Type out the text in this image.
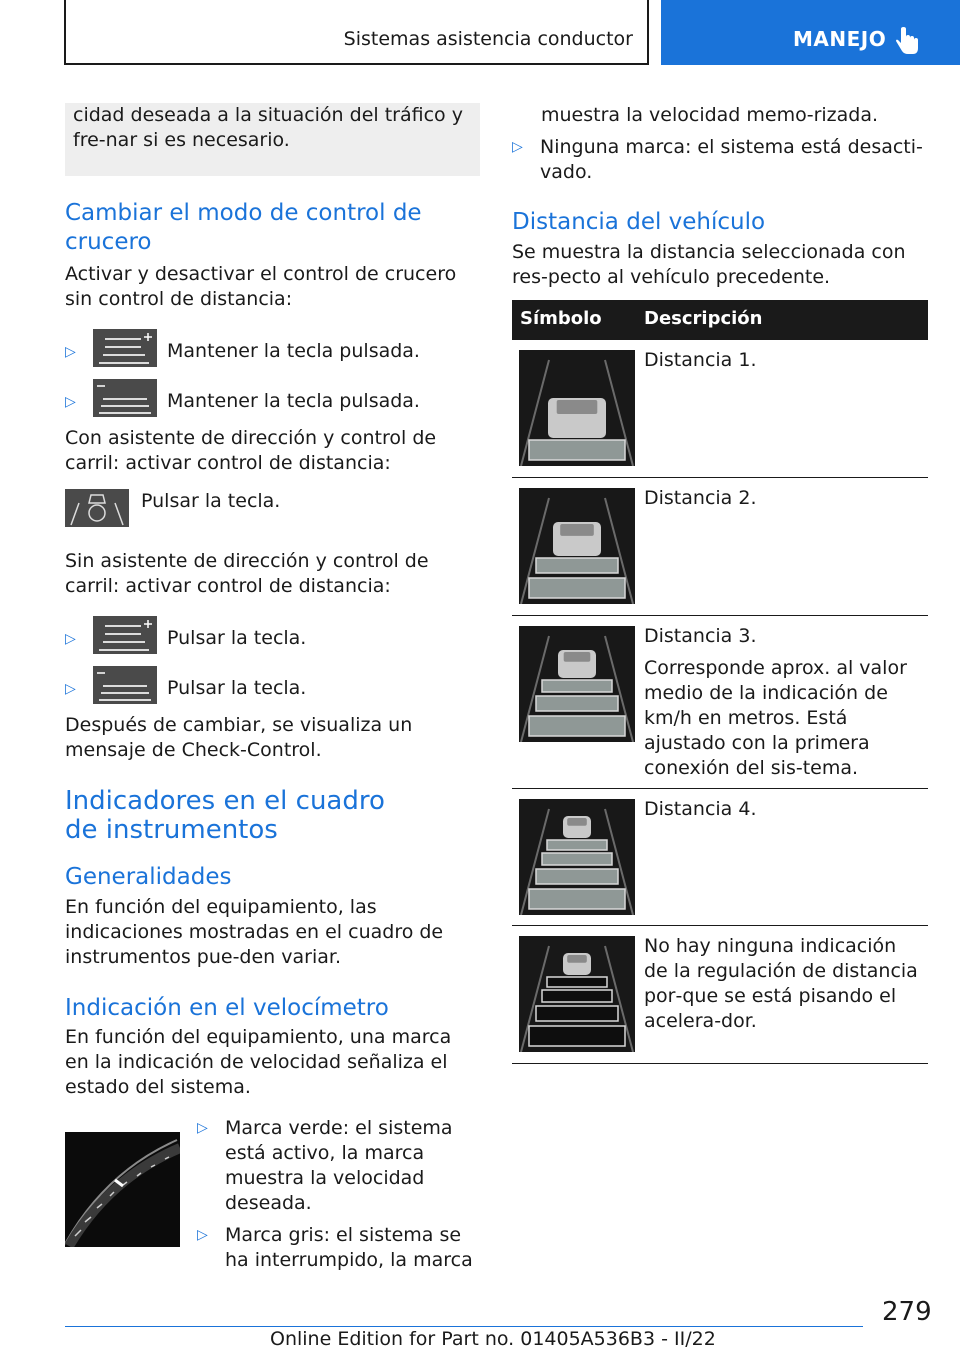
Sistemas asistencia conductor	MANEJO

cidad deseada a la situación del tráfico y fre‐nar si es necesario.

Cambiar el modo de control de crucero

Activar y desactivar el control de crucero sin control de distancia:

▷	Mantener la tecla pulsada.
▷	Mantener la tecla pulsada.

Con asistente de dirección y control de carril: activar control de distancia:

Pulsar la tecla.

Sin asistente de dirección y control de carril: activar control de distancia:

▷	Pulsar la tecla.
▷	Pulsar la tecla.

Después de cambiar, se visualiza un mensaje de Check-Control.

Indicadores en el cuadro
de instrumentos
Generalidades

En función del equipamiento, las indicaciones mostradas en el cuadro de instrumentos pue‐den variar.

Indicación en el velocímetro

En función del equipamiento, una marca en la indicación de velocidad señaliza el estado del sistema.

▷ Marca verde: el sistema está activo, la marca muestra la velocidad deseada.

▷ Marca gris: el sistema se ha interrumpido, la marca

muestra la velocidad memo‐rizada.

▷ Ninguna marca: el sistema está desacti‐vado.

Distancia del vehículo

Se muestra la distancia seleccionada con res‐pecto al vehículo precedente.

Símbolo Descripción

Distancia 1.

Distancia 2.

Distancia 3.

Corresponde aprox. al valor medio de la indicación de km/h en metros. Está ajustado con la primera conexión del sis‐tema.

Distancia 4.

No hay ninguna indicación de la regulación de distancia por‐que se está pisando el acelera‐dor.

279
Online Edition for Part no. 01405A536B3 - II/22
